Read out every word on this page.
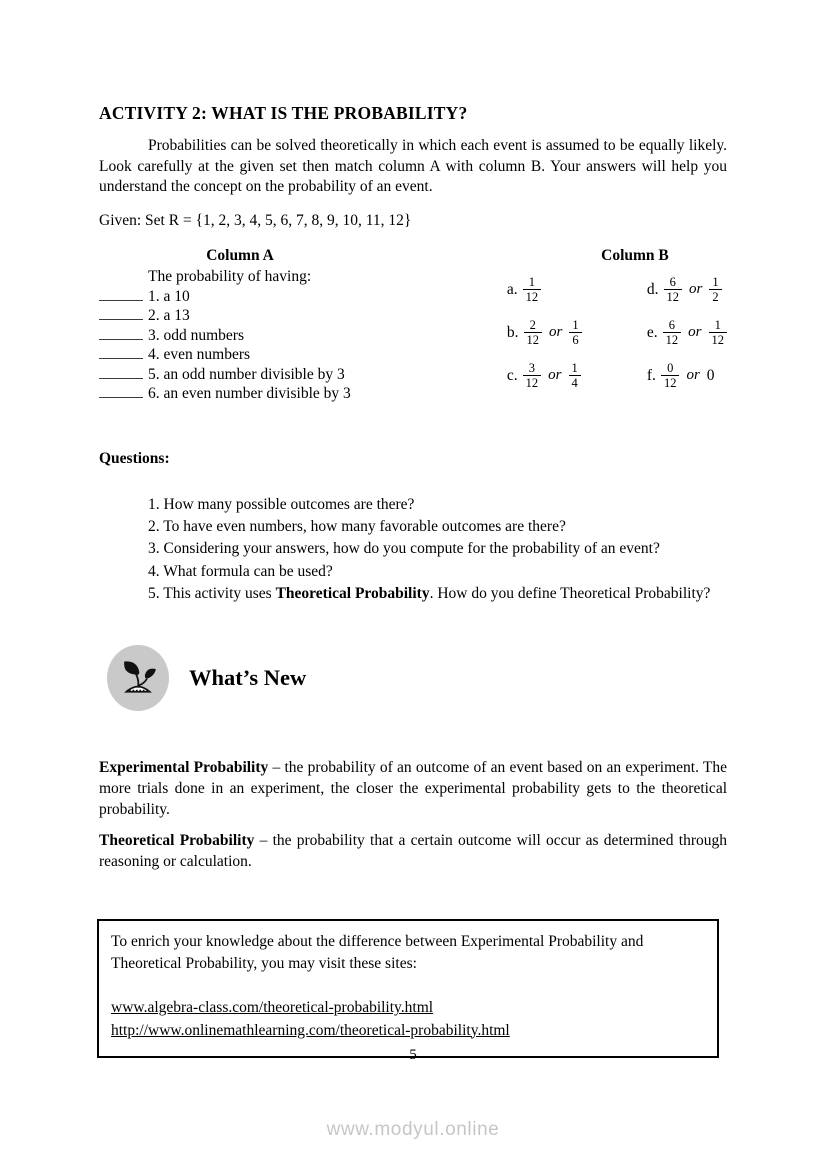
ACTIVITY 2: WHAT IS THE PROBABILITY?

Probabilities can be solved theoretically in which each event is assumed to be equally likely. Look carefully at the given set then match column A with column B. Your answers will help you understand the concept on the probability of an event.

Given: Set R = {1, 2, 3, 4, 5, 6, 7, 8, 9, 10, 11, 12}
Column A
The probability of having:
1. a 10
2. a 13
3. odd numbers
4. even numbers
5. an odd number divisible by 3
6. an even number divisible by 3
Column B
a. $\frac{1}{12}$
b. $\frac{2}{12}$ or $\frac{1}{6}$
c. $\frac{3}{12}$ or $\frac{1}{4}$
d. $\frac{6}{12}$ or $\frac{1}{2}$
e. $\frac{6}{12}$ or $\frac{1}{12}$
f. $\frac{0}{12}$ or 0
Questions:
1. How many possible outcomes are there?
2. To have even numbers, how many favorable outcomes are there?
3. Considering your answers, how do you compute for the probability of an event?
4. What formula can be used?
5. This activity uses Theoretical Probability. How do you define Theoretical Probability?
What’s New

Experimental Probability – the probability of an outcome of an event based on an experiment. The more trials done in an experiment, the closer the experimental probability gets to the theoretical probability.

Theoretical Probability – the probability that a certain outcome will occur as determined through reasoning or calculation.

To enrich your knowledge about the difference between Experimental Probability and Theoretical Probability, you may visit these sites:
www.algebra-class.com/theoretical-probability.html
http://www.onlinemathlearning.com/theoretical-probability.html
5
www.modyul.online
